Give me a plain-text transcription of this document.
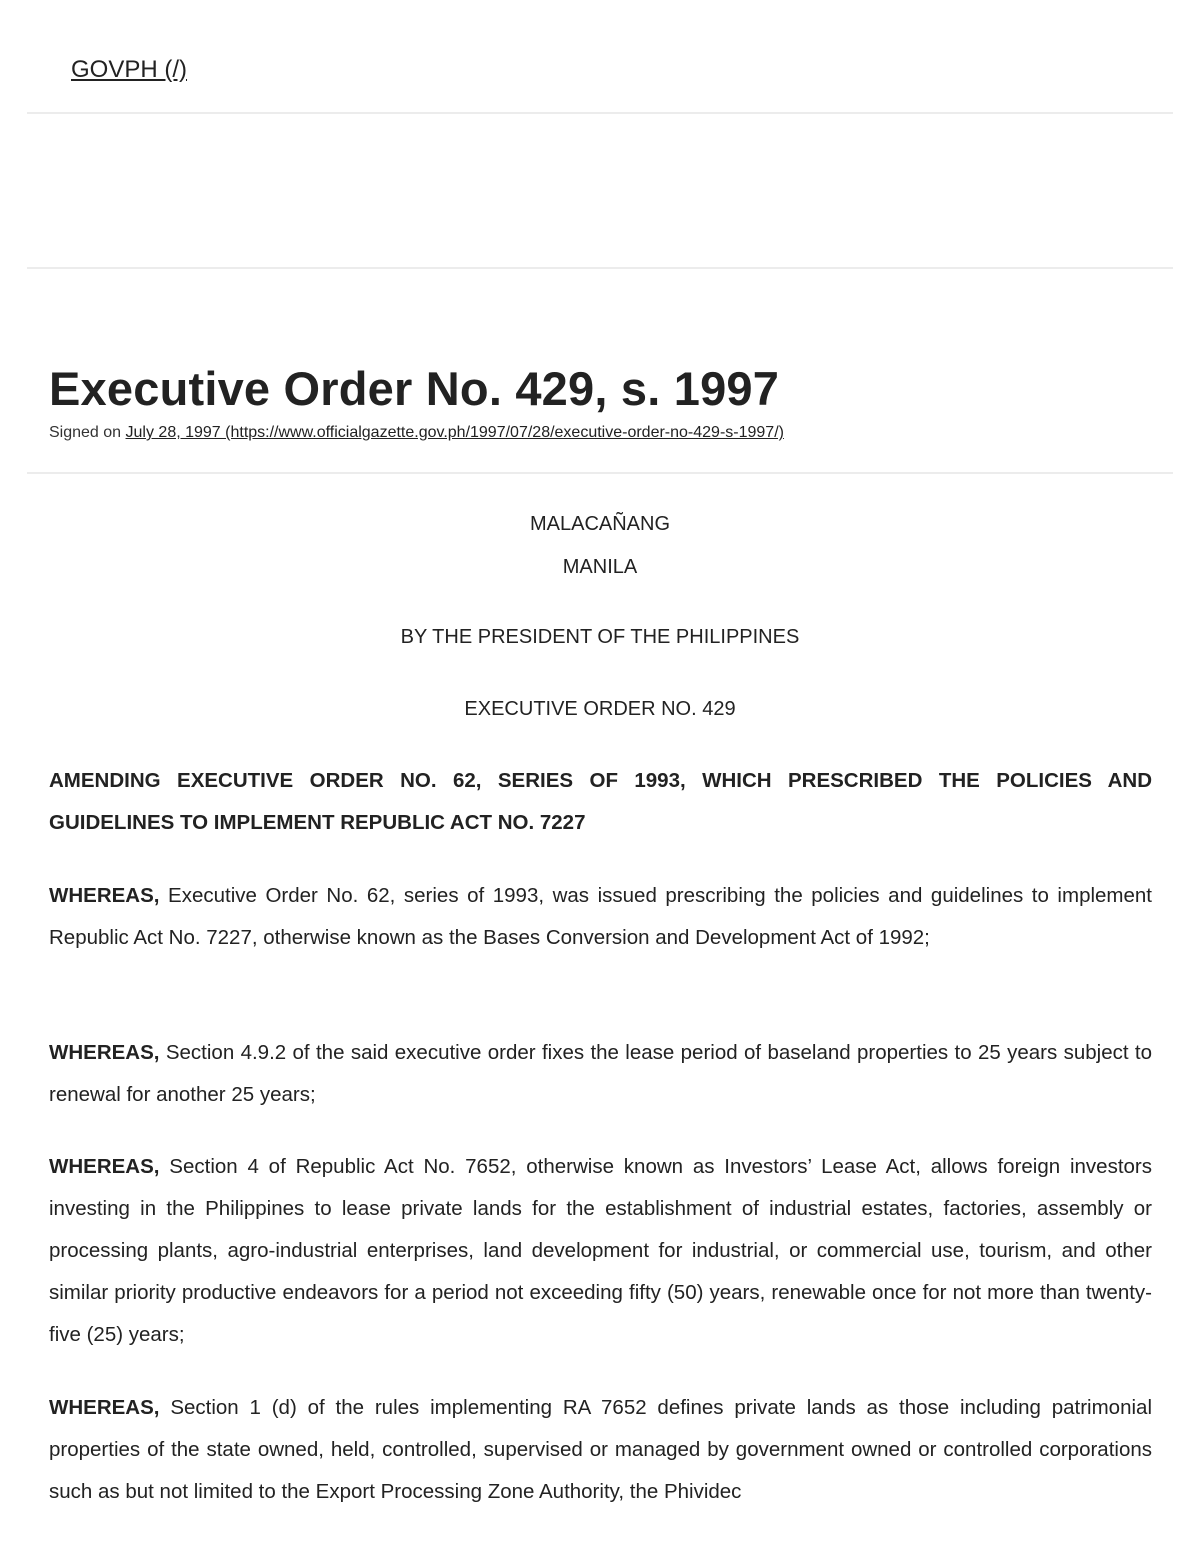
GOVPH (/)
Executive Order No. 429, s. 1997
Signed on July 28, 1997 (https://www.officialgazette.gov.ph/1997/07/28/executive-order-no-429-s-1997/)
MALACAÑANG
MANILA
BY THE PRESIDENT OF THE PHILIPPINES
EXECUTIVE ORDER NO. 429

AMENDING EXECUTIVE ORDER NO. 62, SERIES OF 1993, WHICH PRESCRIBED THE POLICIES AND GUIDELINES TO IMPLEMENT REPUBLIC ACT NO. 7227

WHEREAS, Executive Order No. 62, series of 1993, was issued prescribing the policies and guidelines to implement Republic Act No. 7227, otherwise known as the Bases Conversion and Development Act of 1992;

WHEREAS, Section 4.9.2 of the said executive order fixes the lease period of baseland properties to 25 years subject to renewal for another 25 years;

WHEREAS, Section 4 of Republic Act No. 7652, otherwise known as Investors’ Lease Act, allows foreign investors investing in the Philippines to lease private lands for the establishment of industrial estates, factories, assembly or processing plants, agro-industrial enterprises, land development for industrial, or commercial use, tourism, and other similar priority productive endeavors for a period not exceeding fifty (50) years, renewable once for not more than twenty-five (25) years;

WHEREAS, Section 1 (d) of the rules implementing RA 7652 defines private lands as those including patrimonial properties of the state owned, held, controlled, supervised or managed by government owned or controlled corporations such as but not limited to the Export Processing Zone Authority, the Phividec
